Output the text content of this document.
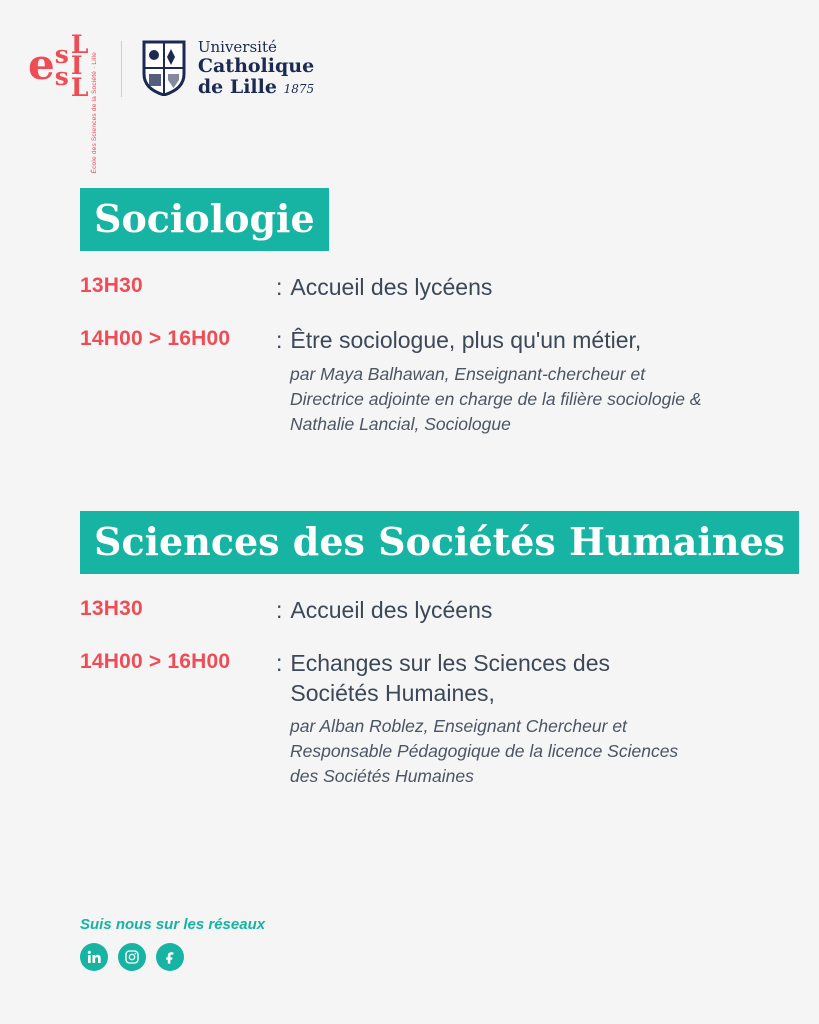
e s
s
L
I
L École des Sciences de la Société · Lille
Université
Catholique
de Lille 1875
Sociologie
13H30	: Accueil des lycéens
14H00 > 16H00	: Être sociologue, plus qu'un métier,
par Maya Balhawan, Enseignant-chercheur et Directrice adjointe en charge de la filière sociologie & Nathalie Lancial, Sociologue
Sciences des Sociétés Humaines
13H30	: Accueil des lycéens
14H00 > 16H00	: Echanges sur les Sciences des Sociétés Humaines,
par Alban Roblez, Enseignant Chercheur et Responsable Pédagogique de la licence Sciences des Sociétés Humaines
Suis nous sur les réseaux
